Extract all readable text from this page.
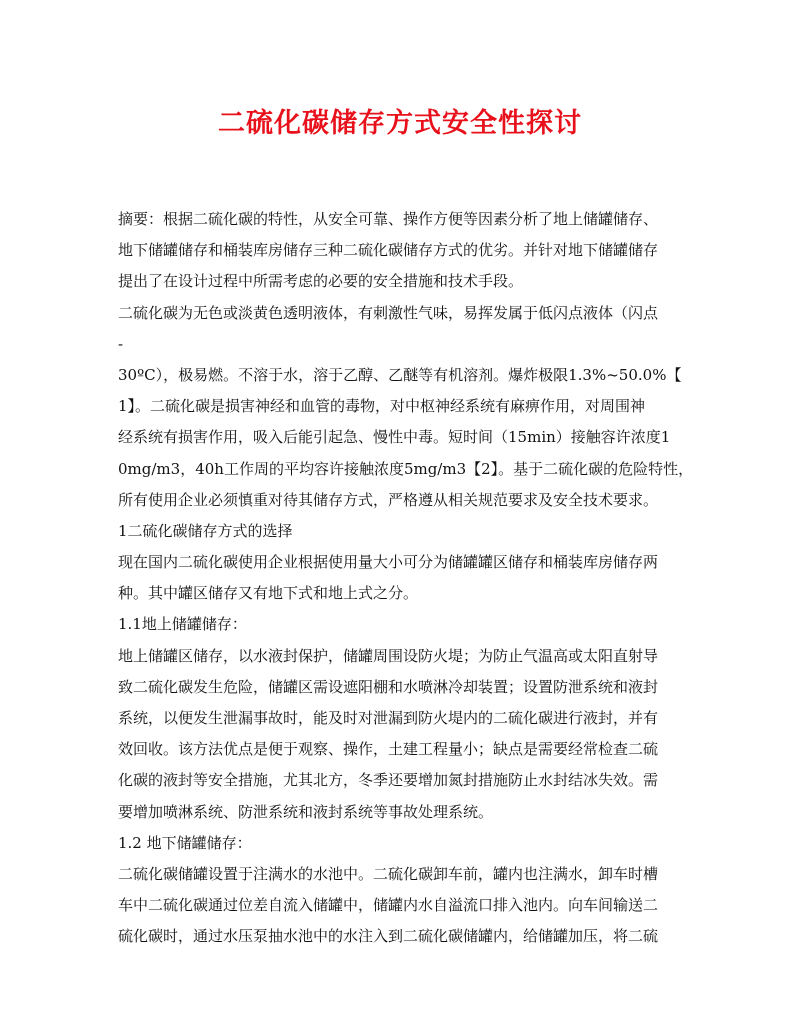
二硫化碳储存方式安全性探讨
摘要：根据二硫化碳的特性，从安全可靠、操作方便等因素分析了地上储罐储存、
地下储罐储存和桶装库房储存三种二硫化碳储存方式的优劣。并针对地下储罐储存
提出了在设计过程中所需考虑的必要的安全措施和技术手段。
二硫化碳为无色或淡黄色透明液体，有刺激性气味，易挥发属于低闪点液体（闪点
-
30ºC），极易燃。不溶于水，溶于乙醇、乙醚等有机溶剂。爆炸极限1.3%~50.0%【
1】。二硫化碳是损害神经和血管的毒物，对中枢神经系统有麻痹作用，对周围神
经系统有损害作用，吸入后能引起急、慢性中毒。短时间（15min）接触容许浓度1
0mg/m3，40h工作周的平均容许接触浓度5mg/m3【2】。基于二硫化碳的危险特性，
所有使用企业必须慎重对待其储存方式，严格遵从相关规范要求及安全技术要求。
1二硫化碳储存方式的选择
现在国内二硫化碳使用企业根据使用量大小可分为储罐罐区储存和桶装库房储存两
种。其中罐区储存又有地下式和地上式之分。
1.1地上储罐储存：
地上储罐区储存，以水液封保护，储罐周围设防火堤；为防止气温高或太阳直射导
致二硫化碳发生危险，储罐区需设遮阳棚和水喷淋冷却装置；设置防泄系统和液封
系统，以便发生泄漏事故时，能及时对泄漏到防火堤内的二硫化碳进行液封，并有
效回收。该方法优点是便于观察、操作，土建工程量小；缺点是需要经常检查二硫
化碳的液封等安全措施，尤其北方，冬季还要增加氮封措施防止水封结冰失效。需
要增加喷淋系统、防泄系统和液封系统等事故处理系统。
1.2 地下储罐储存：
二硫化碳储罐设置于注满水的水池中。二硫化碳卸车前，罐内也注满水，卸车时槽
车中二硫化碳通过位差自流入储罐中，储罐内水自溢流口排入池内。向车间输送二
硫化碳时，通过水压泵抽水池中的水注入到二硫化碳储罐内，给储罐加压，将二硫
